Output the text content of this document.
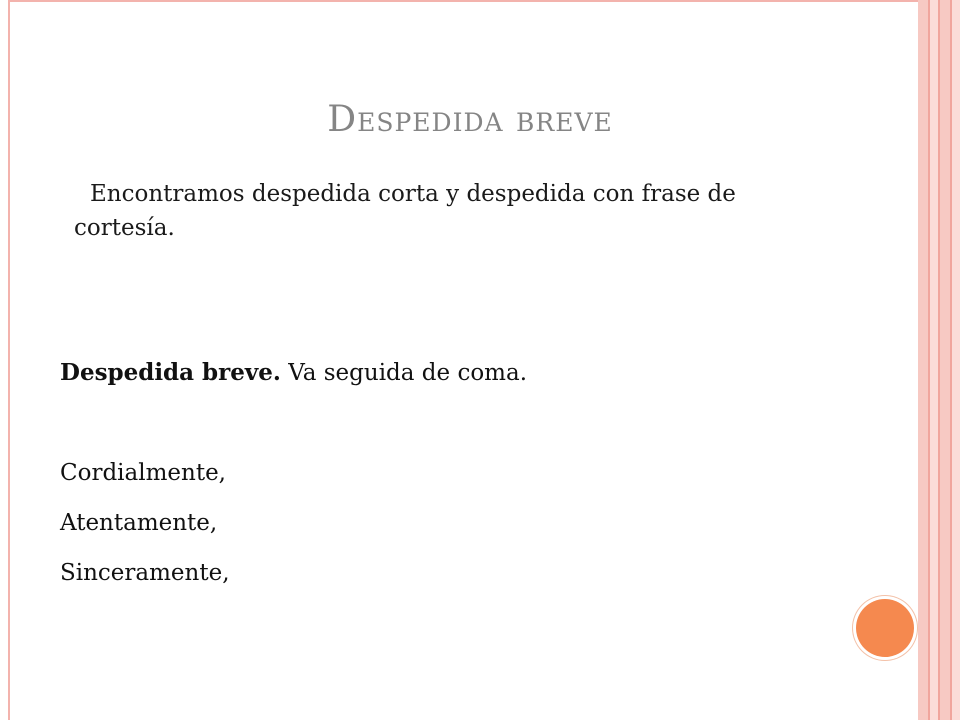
Despedida breve
Encontramos despedida corta y despedida con frase de cortesía.
Despedida breve. Va seguida de coma.
Cordialmente,
Atentamente,
Sinceramente,
